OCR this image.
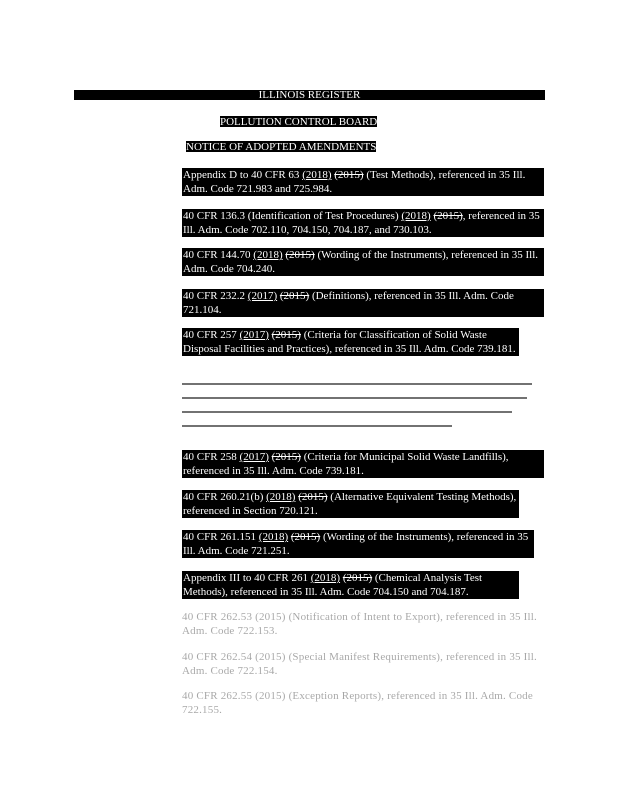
ILLINOIS REGISTER
POLLUTION CONTROL BOARD
NOTICE OF ADOPTED AMENDMENTS
Appendix D to 40 CFR 63 (2018) (2015) (Test Methods), referenced in 35 Ill. Adm. Code 721.983 and 725.984.
40 CFR 136.3 (Identification of Test Procedures) (2018) (2015), referenced in 35 Ill. Adm. Code 702.110, 704.150, 704.187, and 730.103.
40 CFR 144.70 (2018) (2015) (Wording of the Instruments), referenced in 35 Ill. Adm. Code 704.240.
40 CFR 232.2 (2017) (2015) (Definitions), referenced in 35 Ill. Adm. Code 721.104.
40 CFR 257 (2017) (2015) (Criteria for Classification of Solid Waste Disposal Facilities and Practices), referenced in 35 Ill. Adm. Code 739.181.
40 CFR 258 (2017) (2015) (Criteria for Municipal Solid Waste Landfills), referenced in 35 Ill. Adm. Code 739.181.
40 CFR 260.21(b) (2018) (2015) (Alternative Equivalent Testing Methods), referenced in Section 720.121.
40 CFR 261.151 (2018) (2015) (Wording of the Instruments), referenced in 35 Ill. Adm. Code 721.251.
Appendix III to 40 CFR 261 (2018) (2015) (Chemical Analysis Test Methods), referenced in 35 Ill. Adm. Code 704.150 and 704.187.
40 CFR 262.53 (2015) (Notification of Intent to Export), referenced in 35 Ill. Adm. Code 722.153.
40 CFR 262.54 (2015) (Special Manifest Requirements), referenced in 35 Ill. Adm. Code 722.154.
40 CFR 262.55 (2015) (Exception Reports), referenced in 35 Ill. Adm. Code 722.155.
